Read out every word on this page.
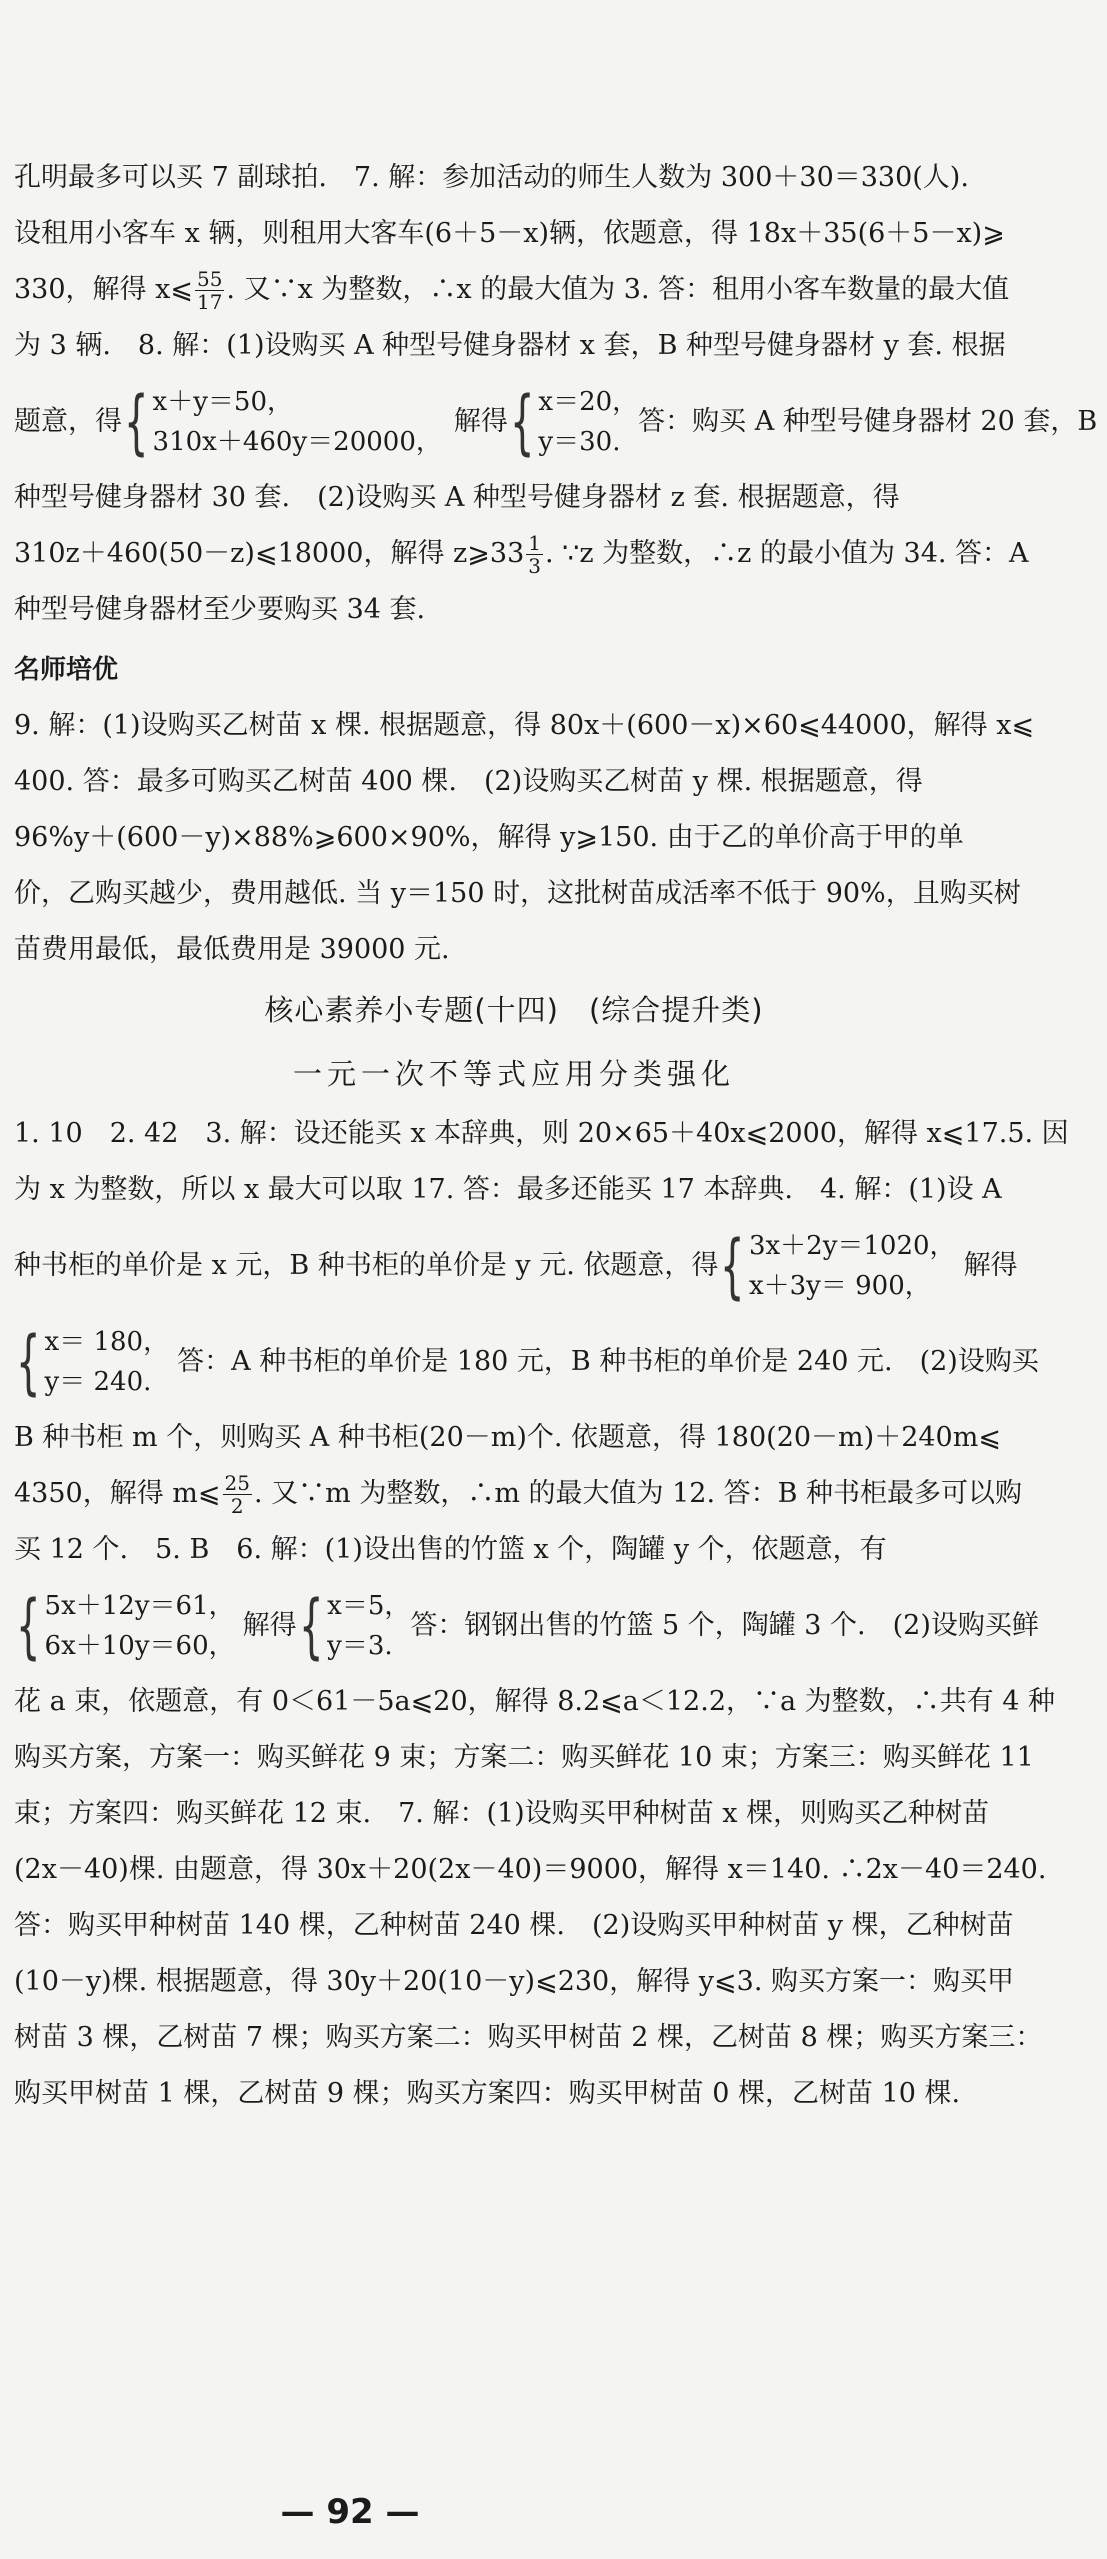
孔明最多可以买 7 副球拍.　7. 解：参加活动的师生人数为 300＋30＝330(人).
设租用小客车 x 辆，则租用大客车(6＋5－x)辆，依题意，得 18x＋35(6＋5－x)⩾
330，解得 x⩽ $\frac{55}{17}$ . 又∵x 为整数，∴x 的最大值为 3. 答：租用小客车数量的最大值
为 3 辆.　8. 解：(1)设购买 A 种型号健身器材 x 套，B 种型号健身器材 y 套. 根据
题意，得 { x＋y＝50，
310x＋460y＝20000，
解得 { x＝20，
y＝30.
答：购买 A 种型号健身器材 20 套，B
种型号健身器材 30 套.　(2)设购买 A 种型号健身器材 z 套. 根据题意，得
310z＋460(50－z)⩽18000，解得 z⩾33 $\frac{1}{3}$ . ∵z 为整数，∴z 的最小值为 34. 答：A
种型号健身器材至少要购买 34 套.
名师培优
9. 解：(1)设购买乙树苗 x 棵. 根据题意，得 80x＋(600－x)×60⩽44000，解得 x⩽
400. 答：最多可购买乙树苗 400 棵.　(2)设购买乙树苗 y 棵. 根据题意，得
96%y＋(600－y)×88%⩾600×90%，解得 y⩾150. 由于乙的单价高于甲的单
价，乙购买越少，费用越低. 当 y＝150 时，这批树苗成活率不低于 90%，且购买树
苗费用最低，最低费用是 39000 元.
核心素养小专题(十四)　(综合提升类)
一元一次不等式应用分类强化
1. 10　2. 42　3. 解：设还能买 x 本辞典，则 20×65＋40x⩽2000，解得 x⩽17.5. 因
为 x 为整数，所以 x 最大可以取 17. 答：最多还能买 17 本辞典.　4. 解：(1)设 A
种书柜的单价是 x 元，B 种书柜的单价是 y 元. 依题意，得 { 3x＋2y＝1020，
x＋3y＝ 900，
解得
{ x＝ 180，
y＝ 240.
答：A 种书柜的单价是 180 元，B 种书柜的单价是 240 元.　(2)设购买
B 种书柜 m 个，则购买 A 种书柜(20－m)个. 依题意，得 180(20－m)＋240m⩽
4350，解得 m⩽ $\frac{25}{2}$ . 又∵m 为整数，∴m 的最大值为 12. 答：B 种书柜最多可以购
买 12 个.　5. B　6. 解：(1)设出售的竹篮 x 个，陶罐 y 个，依题意，有
{ 5x＋12y＝61，
6x＋10y＝60，
解得 { x＝5，
y＝3.
答：钢钢出售的竹篮 5 个，陶罐 3 个.　(2)设购买鲜
花 a 束，依题意，有 0＜61－5a⩽20，解得 8.2⩽a＜12.2，∵a 为整数，∴共有 4 种
购买方案，方案一：购买鲜花 9 束；方案二：购买鲜花 10 束；方案三：购买鲜花 11
束；方案四：购买鲜花 12 束.　7. 解：(1)设购买甲种树苗 x 棵，则购买乙种树苗
(2x－40)棵. 由题意，得 30x＋20(2x－40)＝9000，解得 x＝140. ∴2x－40＝240.
答：购买甲种树苗 140 棵，乙种树苗 240 棵.　(2)设购买甲种树苗 y 棵，乙种树苗
(10－y)棵. 根据题意，得 30y＋20(10－y)⩽230，解得 y⩽3. 购买方案一：购买甲
树苗 3 棵，乙树苗 7 棵；购买方案二：购买甲树苗 2 棵，乙树苗 8 棵；购买方案三：
购买甲树苗 1 棵，乙树苗 9 棵；购买方案四：购买甲树苗 0 棵，乙树苗 10 棵.
— 92 —
